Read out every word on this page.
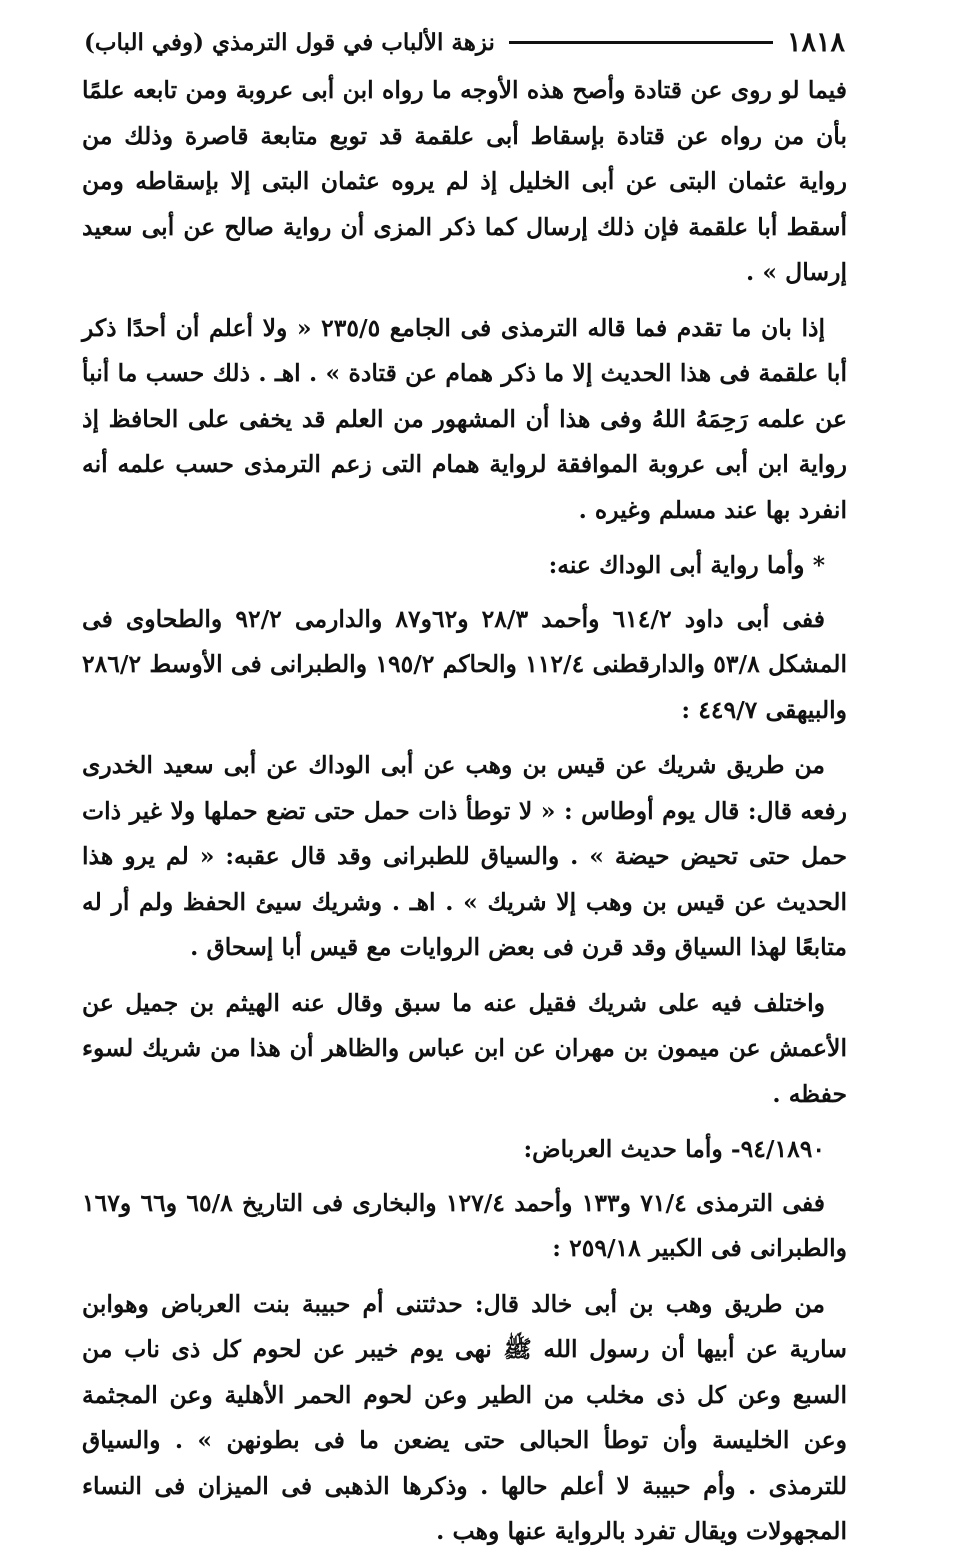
١٨١٨
نزهة الألباب في قول الترمذي (وفي الباب)

فيما لو روى عن قتادة وأصح هذه الأوجه ما رواه ابن أبى عروبة ومن تابعه علمًا بأن من رواه عن قتادة بإسقاط أبى علقمة قد توبع متابعة قاصرة وذلك من رواية عثمان البتى عن أبى الخليل إذ لم يروه عثمان البتى إلا بإسقاطه ومن أسقط أبا علقمة فإن ذلك إرسال كما ذكر المزى أن رواية صالح عن أبى سعيد إرسال » .

إذا بان ما تقدم فما قاله الترمذى فى الجامع ٢٣٥/٥ « ولا أعلم أن أحدًا ذكر أبا علقمة فى هذا الحديث إلا ما ذكر همام عن قتادة » . اهـ . ذلك حسب ما أنبأ عن علمه رَحِمَهُ اللهُ وفى هذا أن المشهور من العلم قد يخفى على الحافظ إذ رواية ابن أبى عروبة الموافقة لرواية همام التى زعم الترمذى حسب علمه أنه انفرد بها عند مسلم وغيره .

* وأما رواية أبى الوداك عنه:

ففى أبى داود ٦١٤/٢ وأحمد ٢٨/٣ و٦٢و٨٧ والدارمى ٩٢/٢ والطحاوى فى المشكل ٥٣/٨ والدارقطنى ١١٢/٤ والحاكم ١٩٥/٢ والطبرانى فى الأوسط ٢٨٦/٢ والبيهقى ٤٤٩/٧ :

من طريق شريك عن قيس بن وهب عن أبى الوداك عن أبى سعيد الخدرى رفعه قال: قال يوم أوطاس : « لا توطأ ذات حمل حتى تضع حملها ولا غير ذات حمل حتى تحيض حيضة » . والسياق للطبرانى وقد قال عقبه: « لم يرو هذا الحديث عن قيس بن وهب إلا شريك » . اهـ . وشريك سيئ الحفظ ولم أر له متابعًا لهذا السياق وقد قرن فى بعض الروايات مع قيس أبا إسحاق .

واختلف فيه على شريك فقيل عنه ما سبق وقال عنه الهيثم بن جميل عن الأعمش عن ميمون بن مهران عن ابن عباس والظاهر أن هذا من شريك لسوء حفظه .

٩٤/١٨٩٠- وأما حديث العرباض:

ففى الترمذى ٧١/٤ و١٣٣ وأحمد ١٢٧/٤ والبخارى فى التاريخ ٦٥/٨ و٦٦ و١٦٧ والطبرانى فى الكبير ٢٥٩/١٨ :

من طريق وهب بن أبى خالد قال: حدثتنى أم حبيبة بنت العرباض وهوابن سارية عن أبيها أن رسول الله ﷺ نهى يوم خيبر عن لحوم كل ذى ناب من السبع وعن كل ذى مخلب من الطير وعن لحوم الحمر الأهلية وعن المجثمة وعن الخليسة وأن توطأ الحبالى حتى يضعن ما فى بطونهن » . والسياق للترمذى . وأم حبيبة لا أعلم حالها . وذكرها الذهبى فى الميزان فى النساء المجهولات ويقال تفرد بالرواية عنها وهب .
